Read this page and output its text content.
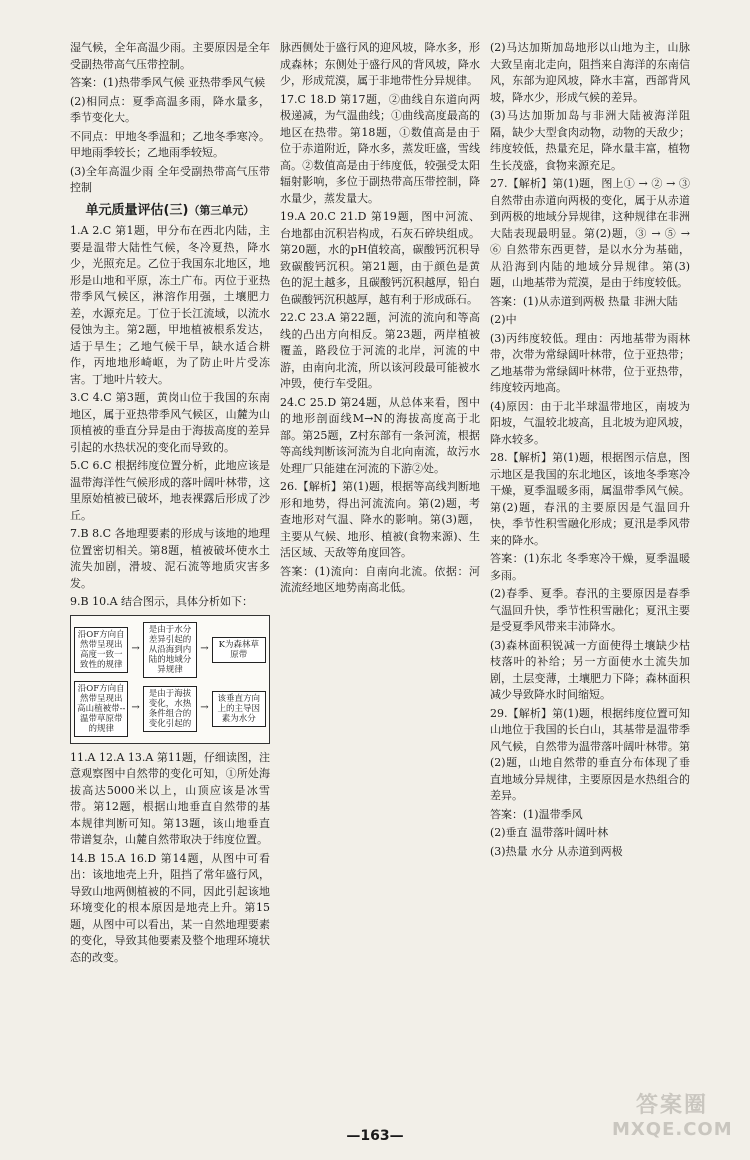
湿气候，全年高温少雨。主要原因是全年受副热带高气压带控制。

答案：(1)热带季风气候 亚热带季风气候

(2)相同点：夏季高温多雨，降水量多，季节变化大。

不同点：甲地冬季温和；乙地冬季寒冷。甲地雨季较长；乙地雨季较短。

(3)全年高温少雨 全年受副热带高气压带控制

单元质量评估(三)（第三单元）

1.A 2.C 第1题，甲分布在西北内陆，主要是温带大陆性气候，冬冷夏热，降水少，光照充足。乙位于我国东北地区，地形是山地和平原，冻土广布。丙位于亚热带季风气候区，淋溶作用强，土壤肥力差，水源充足。丁位于长江流域，以流水侵蚀为主。第2题，甲地植被根系发达，适于旱生；乙地气候干旱，缺水适合耕作，丙地地形崎岖，为了防止叶片受冻害。丁地叶片较大。

3.C 4.C 第3题，黄岗山位于我国的东南地区，属于亚热带季风气候区，山麓为山顶植被的垂直分异是由于海拔高度的差异引起的水热状况的变化而导致的。

5.C 6.C 根据纬度位置分析，此地应该是温带海洋性气候形成的落叶阔叶林带，这里原始植被已破坏，地表裸露后形成了沙丘。

7.B 8.C 各地理要素的形成与该地的地理位置密切相关。第8题，植被破坏使水土流失加剧，滑坡、泥石流等地质灾害多发。

9.B 10.A 结合图示，具体分析如下：

沿OF方向自然带呈现出高度一致一致性的规律
→
是由于水分差异引起的从沿海到内陆的地域分异规律
→	K为森林草原带
沿OF方向自然带呈现出高山植被带--温带草原带的规律
→
是由于海拔变化，水热条件组合的变化引起的
→
该垂直方向上的主导因素为水分

11.A 12.A 13.A 第11题，仔细读图，注意观察图中自然带的变化可知，①所处海拔高达5000米以上，山顶应该是冰雪带。第12题，根据山地垂直自然带的基本规律判断可知。第13题，该山地垂直带谱复杂，山麓自然带取决于纬度位置。

14.B 15.A 16.D 第14题，从图中可看出：该地地壳上升，阻挡了常年盛行风，导致山地两侧植被的不同，因此引起该地环境变化的根本原因是地壳上升。第15题，从图中可以看出，某一自然地理要素的变化，导致其他要素及整个地理环境状态的改变。

脉西侧处于盛行风的迎风坡，降水多，形成森林；东侧处于盛行风的背风坡，降水少，形成荒漠，属于非地带性分异规律。

17.C 18.D 第17题，②曲线自东道向两极递减，为气温曲线；①曲线高度最高的地区在热带。第18题，①数值高是由于位于赤道附近，降水多，蒸发旺盛，雪线高。②数值高是由于纬度低，较强受太阳辐射影响，多位于副热带高压带控制，降水量少，蒸发量大。

19.A 20.C 21.D 第19题，图中河流、台地都由沉积岩构成，石灰石碎块组成。第20题，水的pH值较高，碳酸钙沉积导致碳酸钙沉积。第21题，由于颜色是黄色的泥土越多，且碳酸钙沉积越厚，铅白色碳酸钙沉积越厚，越有利于形成砾石。

22.C 23.A 第22题，河流的流向和等高线的凸出方向相反。第23题，两岸植被覆盖，路段位于河流的北岸，河流的中游，由南向北流，所以该河段最可能被水冲毁，使行车受阻。

24.C 25.D 第24题，从总体来看，图中的地形剖面线M→N的海拔高度高于北部。第25题，Z村东部有一条河流，根据等高线判断该河流为自北向南流，故污水处理厂只能建在河流的下游②处。

26.【解析】第(1)题，根据等高线判断地形和地势，得出河流流向。第(2)题，考查地形对气温、降水的影响。第(3)题，主要从气候、地形、植被(食物来源)、生活区域、天敌等角度回答。

答案：(1)流向：自南向北流。依据：河流流经地区地势南高北低。

(2)马达加斯加岛地形以山地为主，山脉大致呈南北走向，阻挡来自海洋的东南信风，东部为迎风坡，降水丰富，西部背风坡，降水少，形成气候的差异。

(3)马达加斯加岛与非洲大陆被海洋阻隔，缺少大型食肉动物，动物的天敌少；纬度较低，热量充足，降水量丰富，植物生长茂盛，食物来源充足。

27.【解析】第(1)题，图上① → ② → ③ 自然带由赤道向两极的变化，属于从赤道到两极的地域分异规律，这种规律在非洲大陆表现最明显。第(2)题，③ → ⑤ → ⑥ 自然带东西更替，是以水分为基础，从沿海到内陆的地域分异规律。第(3)题，山地基带为荒漠，是由于纬度较低。

答案：(1)从赤道到两极 热量 非洲大陆

(2)中

(3)丙纬度较低。理由：丙地基带为雨林带，次带为常绿阔叶林带，位于亚热带；乙地基带为常绿阔叶林带，位于亚热带，纬度较丙地高。

(4)原因：由于北半球温带地区，南坡为阳坡，气温较北坡高，且北坡为迎风坡，降水较多。

28.【解析】第(1)题，根据图示信息，图示地区是我国的东北地区，该地冬季寒冷干燥，夏季温暖多雨，属温带季风气候。第(2)题，春汛的主要原因是气温回升快，季节性积雪融化形成；夏汛是季风带来的降水。

答案：(1)东北 冬季寒冷干燥，夏季温暖多雨。

(2)春季、夏季。春汛的主要原因是春季气温回升快，季节性积雪融化；夏汛主要是受夏季风带来丰沛降水。

(3)森林面积锐减一方面使得土壤缺少枯枝落叶的补给；另一方面使水土流失加剧，土层变薄，土壤肥力下降；森林面积减少导致降水时间缩短。

29.【解析】第(1)题，根据纬度位置可知山地位于我国的长白山，其基带是温带季风气候，自然带为温带落叶阔叶林带。第(2)题，山地自然带的垂直分布体现了垂直地域分异规律，主要原因是水热组合的差异。

答案：(1)温带季风

(2)垂直 温带落叶阔叶林

(3)热量 水分 从赤道到两极

—163—
答案圈
MXQE.COM
